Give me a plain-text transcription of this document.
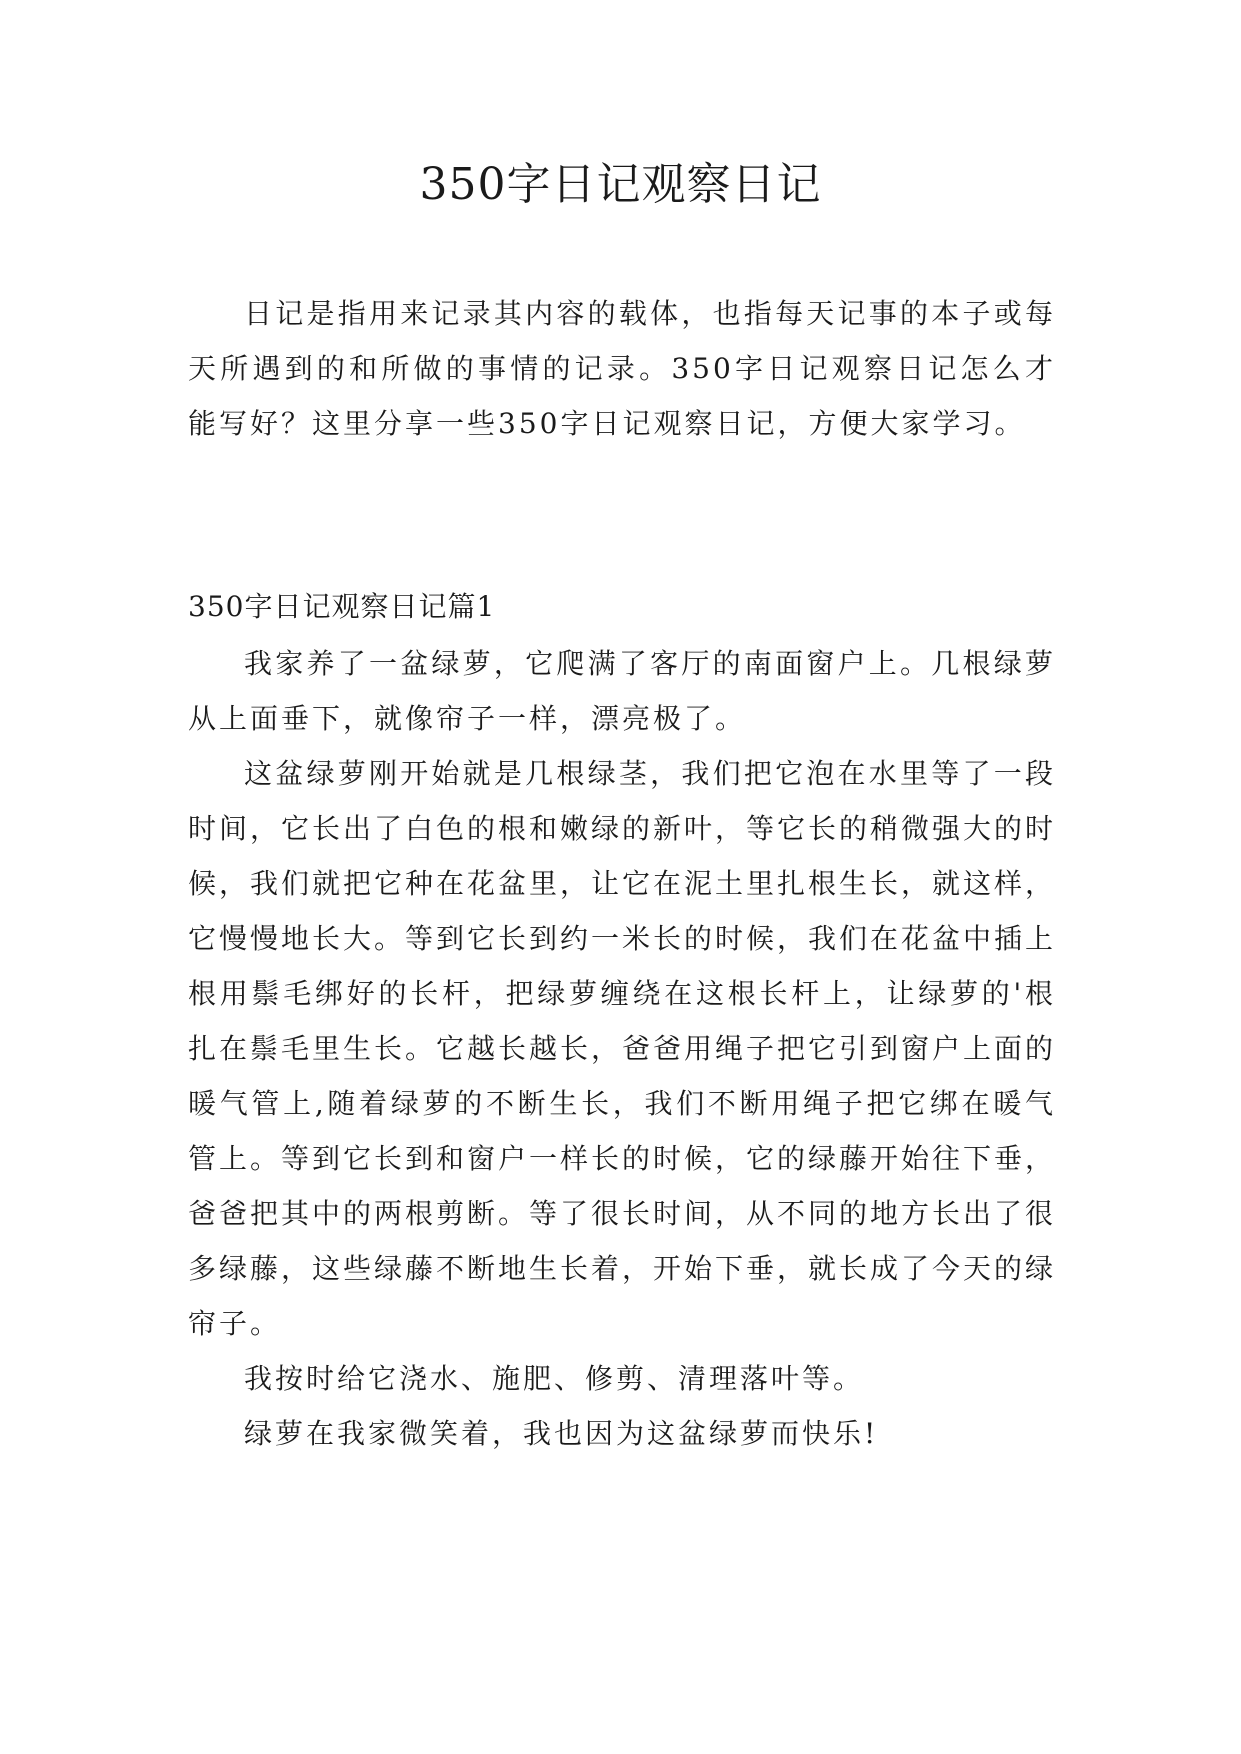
350字日记观察日记

日记是指用来记录其内容的载体，也指每天记事的本子或每天所遇到的和所做的事情的记录。350字日记观察日记怎么才能写好？这里分享一些350字日记观察日记，方便大家学习。

350字日记观察日记篇1

我家养了一盆绿萝，它爬满了客厅的南面窗户上。几根绿萝从上面垂下，就像帘子一样，漂亮极了。

这盆绿萝刚开始就是几根绿茎，我们把它泡在水里等了一段时间，它长出了白色的根和嫩绿的新叶，等它长的稍微强大的时候，我们就把它种在花盆里，让它在泥土里扎根生长，就这样，它慢慢地长大。等到它长到约一米长的时候，我们在花盆中插上根用鬃毛绑好的长杆，把绿萝缠绕在这根长杆上，让绿萝的'根扎在鬃毛里生长。它越长越长，爸爸用绳子把它引到窗户上面的暖气管上,随着绿萝的不断生长，我们不断用绳子把它绑在暖气管上。等到它长到和窗户一样长的时候，它的绿藤开始往下垂，爸爸把其中的两根剪断。等了很长时间，从不同的地方长出了很多绿藤，这些绿藤不断地生长着，开始下垂，就长成了今天的绿帘子。

我按时给它浇水、施肥、修剪、清理落叶等。

绿萝在我家微笑着，我也因为这盆绿萝而快乐!
